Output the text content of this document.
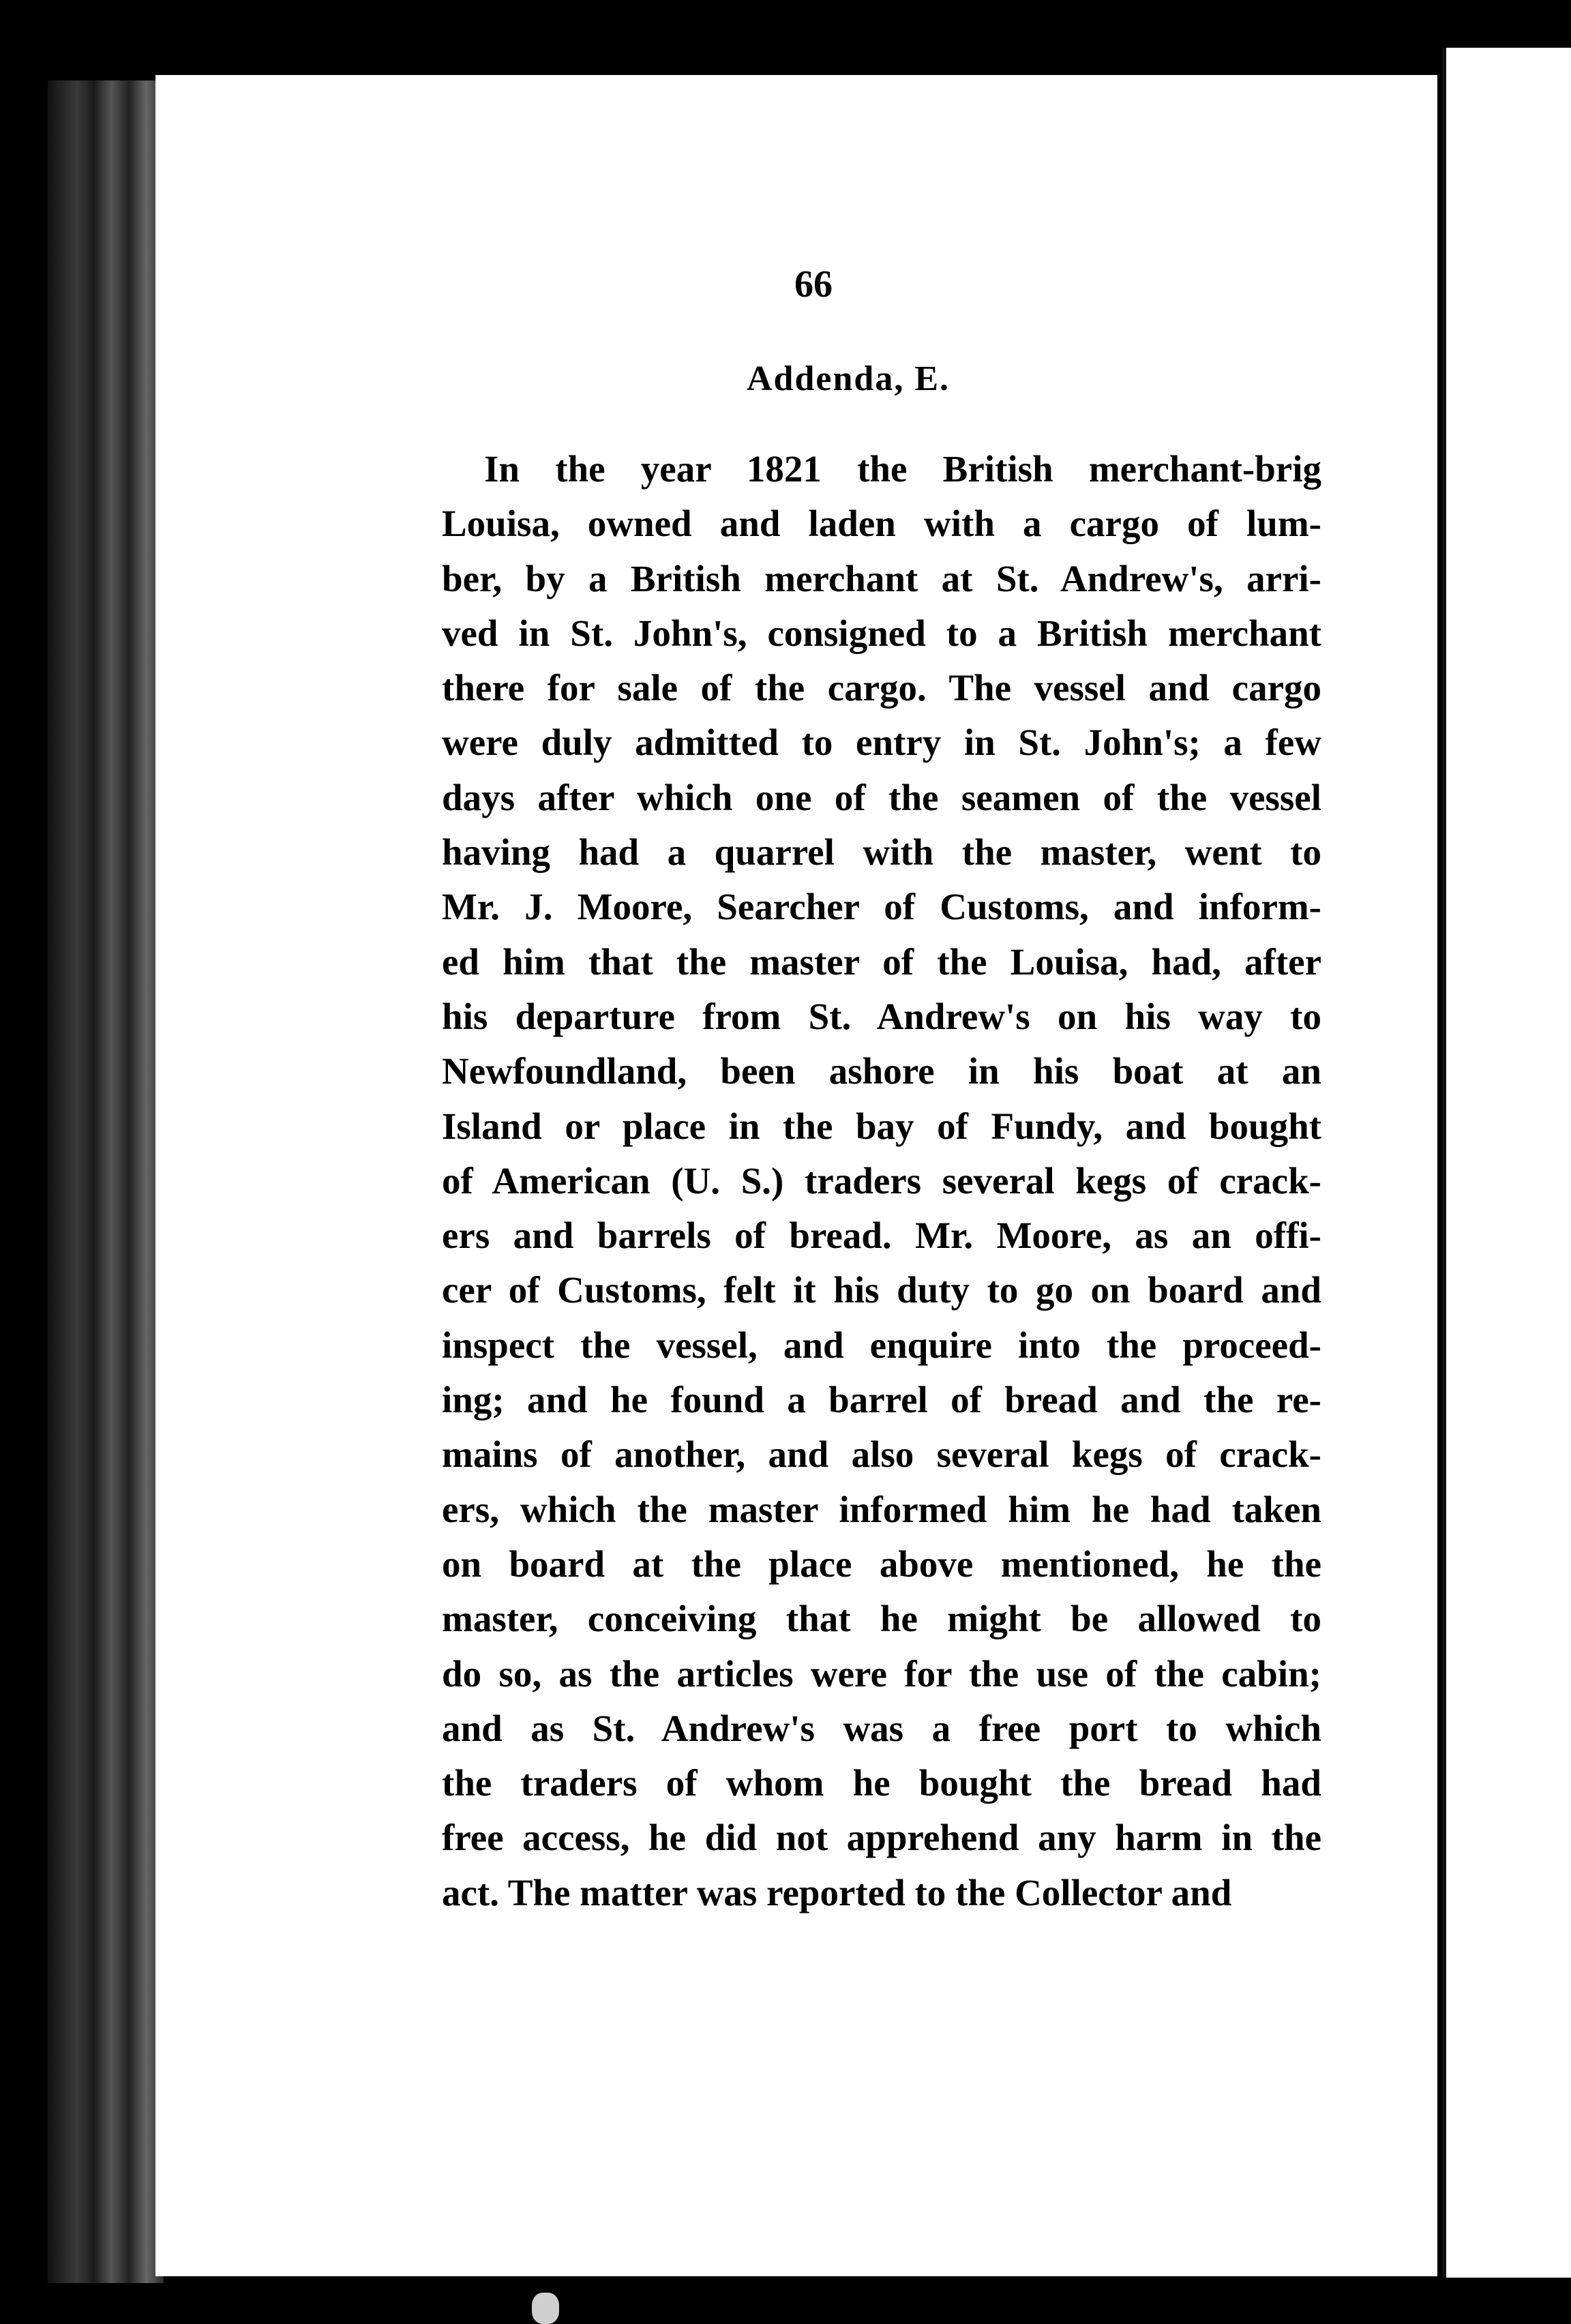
66
Addenda, E.
In the year 1821 the British merchant-brig
Louisa, owned and laden with a cargo of lum-
ber, by a British merchant at St. Andrew's, arri-
ved in St. John's, consigned to a British merchant
there for sale of the cargo. The vessel and cargo
were duly admitted to entry in St. John's; a few
days after which one of the seamen of the vessel
having had a quarrel with the master, went to
Mr. J. Moore, Searcher of Customs, and inform-
ed him that the master of the Louisa, had, after
his departure from St. Andrew's on his way to
Newfoundland, been ashore in his boat at an
Island or place in the bay of Fundy, and bought
of American (U. S.) traders several kegs of crack-
ers and barrels of bread. Mr. Moore, as an offi-
cer of Customs, felt it his duty to go on board and
inspect the vessel, and enquire into the proceed-
ing; and he found a barrel of bread and the re-
mains of another, and also several kegs of crack-
ers, which the master informed him he had taken
on board at the place above mentioned, he the
master, conceiving that he might be allowed to
do so, as the articles were for the use of the cabin;
and as St. Andrew's was a free port to which
the traders of whom he bought the bread had
free access, he did not apprehend any harm in the
act. The matter was reported to the Collector and
